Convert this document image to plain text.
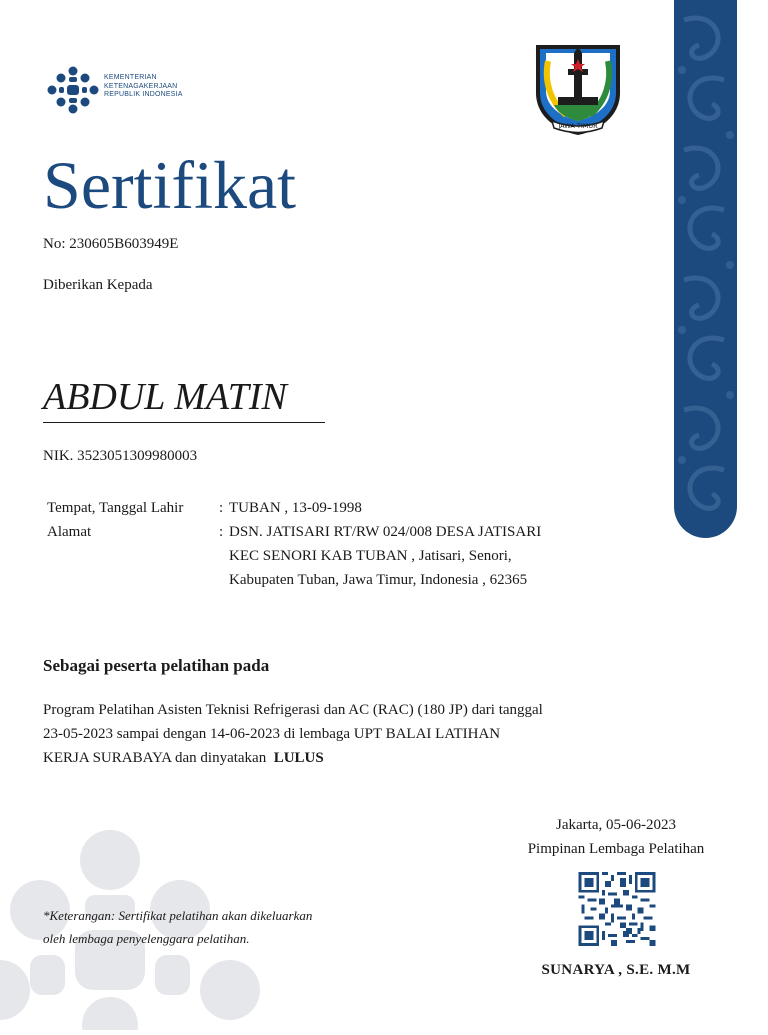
KEMENTERIAN
KETENAGAKERJAAN
REPUBLIK INDONESIA
JAWA TIMUR
Sertifikat
No: 230605B603949E
Diberikan Kepada
ABDUL MATIN
NIK. 3523051309980003
Tempat, Tanggal Lahir	: TUBAN , 13-09-1998
Alamat	: DSN. JATISARI RT/RW 024/008 DESA JATISARI
KEC SENORI KAB TUBAN , Jatisari, Senori,
Kabupaten Tuban, Jawa Timur, Indonesia , 62365
Sebagai peserta pelatihan pada
Program Pelatihan Asisten Teknisi Refrigerasi dan AC (RAC) (180 JP) dari tanggal
23-05-2023 sampai dengan 14-06-2023 di lembaga UPT BALAI LATIHAN
KERJA SURABAYA dan dinyatakan  LULUS
*Keterangan: Sertifikat pelatihan akan dikeluarkan
oleh lembaga penyelenggara pelatihan.
Jakarta, 05-06-2023
Pimpinan Lembaga Pelatihan
SUNARYA , S.E. M.M
